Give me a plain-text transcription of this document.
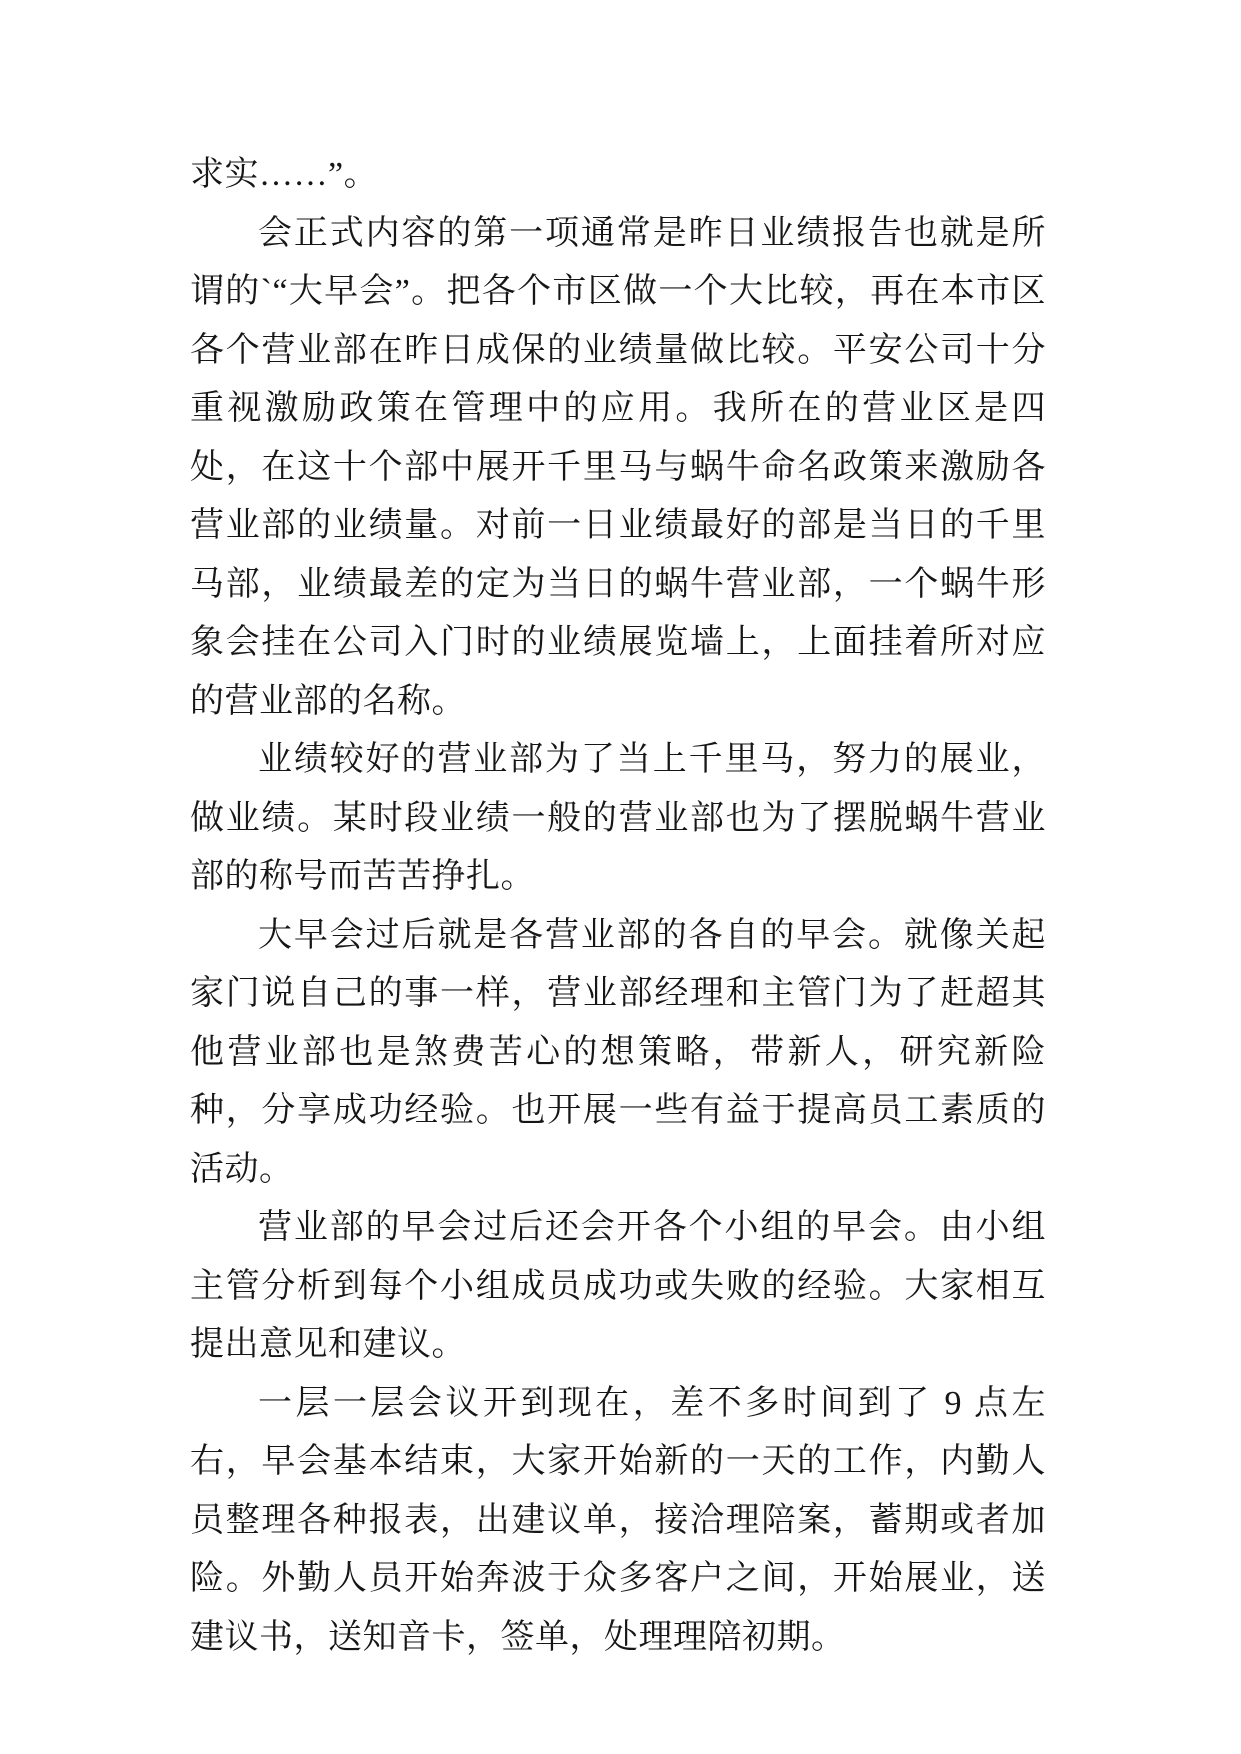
求实……”。

会正式内容的第一项通常是昨日业绩报告也就是所谓的`“大早会”。把各个市区做一个大比较，再在本市区各个营业部在昨日成保的业绩量做比较。平安公司十分重视激励政策在管理中的应用。我所在的营业区是四处，在这十个部中展开千里马与蜗牛命名政策来激励各营业部的业绩量。对前一日业绩最好的部是当日的千里马部，业绩最差的定为当日的蜗牛营业部，一个蜗牛形象会挂在公司入门时的业绩展览墙上，上面挂着所对应的营业部的名称。

业绩较好的营业部为了当上千里马，努力的展业，做业绩。某时段业绩一般的营业部也为了摆脱蜗牛营业部的称号而苦苦挣扎。

大早会过后就是各营业部的各自的早会。就像关起家门说自己的事一样，营业部经理和主管门为了赶超其他营业部也是煞费苦心的想策略，带新人，研究新险种，分享成功经验。也开展一些有益于提高员工素质的活动。

营业部的早会过后还会开各个小组的早会。由小组主管分析到每个小组成员成功或失败的经验。大家相互提出意见和建议。

一层一层会议开到现在，差不多时间到了 9 点左右，早会基本结束，大家开始新的一天的工作，内勤人员整理各种报表，出建议单，接洽理陪案，蓄期或者加险。外勤人员开始奔波于众多客户之间，开始展业，送建议书，送知音卡，签单，处理理陪初期。
